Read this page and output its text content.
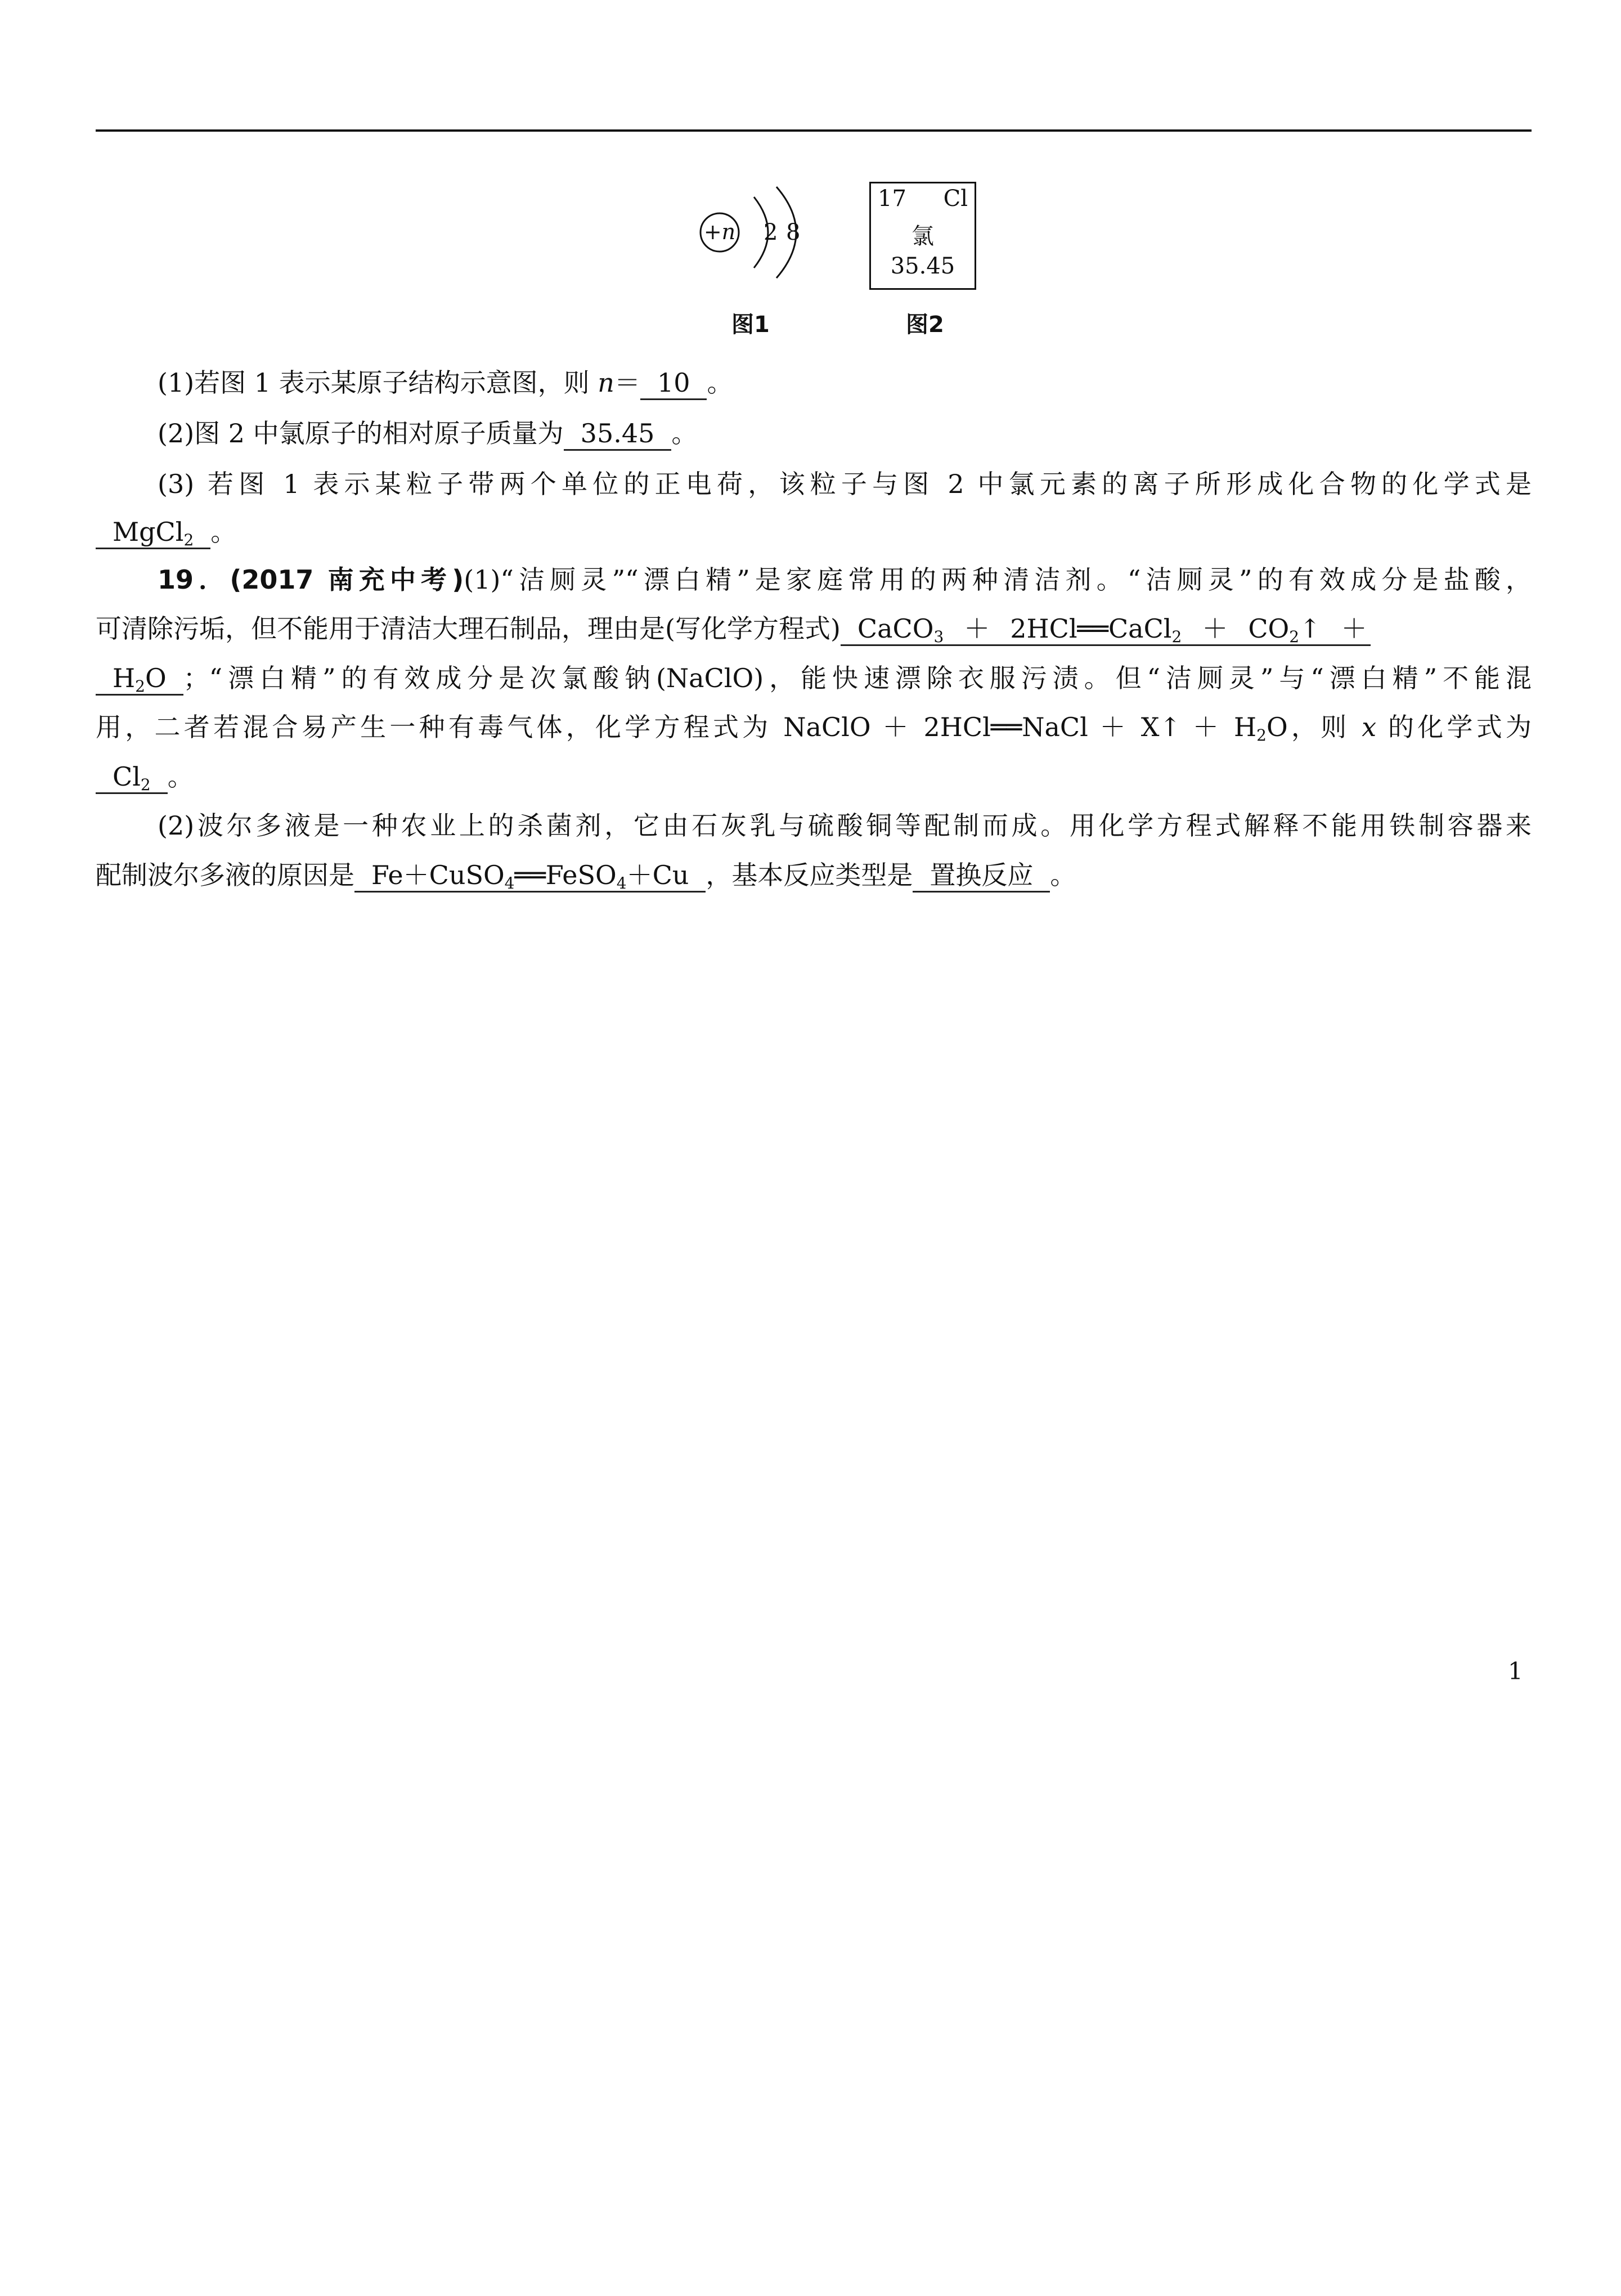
+n 2 8
17 Cl
氯
35.45
图1	图2
(1)若图 1 表示某原子结构示意图，则 n＝ 10 。
(2)图 2 中氯原子的相对原子质量为 35.45 。
(3) 若图 1 表示某粒子带两个单位的正电荷，该粒子与图 2 中氯元素的离子所形成化合物的化学式是
MgCl$_2$ 。
19．(2017 南充中考)(1)“洁厕灵”“漂白精”是家庭常用的两种清洁剂。“洁厕灵”的有效成分是盐酸，
可清除污垢，但不能用于清洁大理石制品，理由是(写化学方程式) CaCO$_3$ ＋ 2HCl══CaCl$_2$ ＋ $CO_2↑$ ＋
$H_2O$ ；“漂白精”的有效成分是次氯酸钠(NaClO)，能快速漂除衣服污渍。但“洁厕灵”与“漂白精”不能混
用，二者若混合易产生一种有毒气体，化学方程式为 NaClO ＋ 2HCl══NaCl ＋ X↑ ＋ $H_2O$，则 x 的化学式为
$Cl_2$ 。
(2)波尔多液是一种农业上的杀菌剂，它由石灰乳与硫酸铜等配制而成。用化学方程式解释不能用铁制容器来
配制波尔多液的原因是 Fe＋CuSO$_4$══FeSO$_4$＋Cu ，基本反应类型是 置换反应 。
1
